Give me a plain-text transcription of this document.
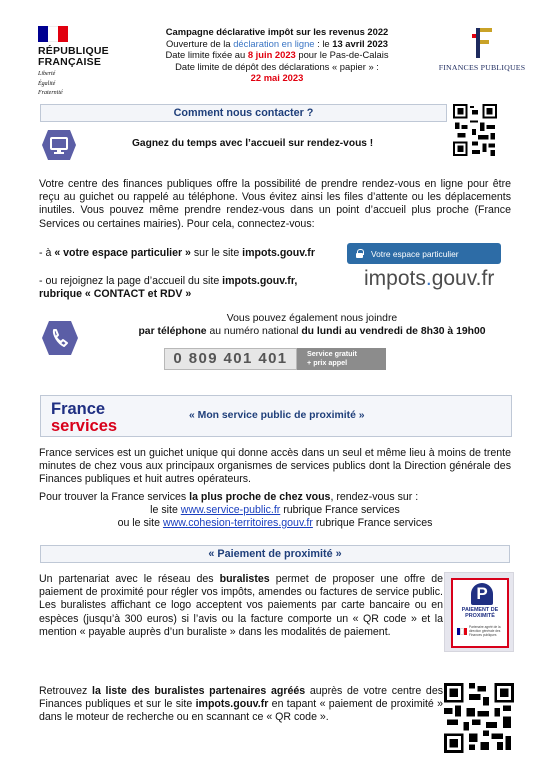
RÉPUBLIQUE
FRANÇAISE
Liberté
Égalité
Fraternité
Campagne déclarative impôt sur les revenus 2022
Ouverture de la déclaration en ligne : le 13 avril 2023
Date limite fixée au 8 juin 2023 pour le Pas-de-Calais
Date limite de dépôt des déclarations « papier » :
22 mai 2023
FINANCES PUBLIQUES
Comment nous contacter ?
Gagnez du temps avec l’accueil sur rendez-vous !
Votre centre des finances publiques offre la possibilité de prendre rendez-vous en ligne pour être reçu au guichet ou rappelé au téléphone. Vous évitez ainsi les files d’attente ou les déplacements inutiles. Vous pouvez même prendre rendez-vous dans un point d’accueil plus proche (France Services ou certaines mairies). Pour cela, connectez-vous:
- à « votre espace particulier » sur le site impots.gouv.fr	Votre espace particulier
- ou rejoignez la page d’accueil du site impots.gouv.fr,
rubrique « CONTACT et RDV »
impots.gouv.fr
Vous pouvez également nous joindre
par téléphone au numéro national du lundi au vendredi de 8h30 à 19h00
0 809 401 401	Service gratuit
+ prix appel
France
services
« Mon service public de proximité »
France services est un guichet unique qui donne accès dans un seul et même lieu à moins de trente minutes de chez vous aux principaux organismes de services publics dont la Direction générale des Finances publiques et huit autres opérateurs.
Pour trouver la France services la plus proche de chez vous, rendez-vous sur :
le site www.service-public.fr rubrique France services
ou le site www.cohesion-territoires.gouv.fr rubrique France services
« Paiement de proximité »
Un partenariat avec le réseau des buralistes permet de proposer une offre de paiement de proximité pour régler vos impôts, amendes ou factures de service public. Les buralistes affichant ce logo acceptent vos paiements par carte bancaire ou en espèces (jusqu’à 300 euros) si l’avis ou la facture comporte un « QR code » et la mention « payable auprès d’un buraliste » dans les modalités de paiement.
P
PAIEMENT DE PROXIMITÉ
Partenaire agréé de la direction générale des Finances publiques
Retrouvez la liste des buralistes partenaires agréés auprès de votre centre des Finances publiques et sur le site impots.gouv.fr en tapant « paiement de proximité » dans le moteur de recherche ou en scannant ce « QR code ».
